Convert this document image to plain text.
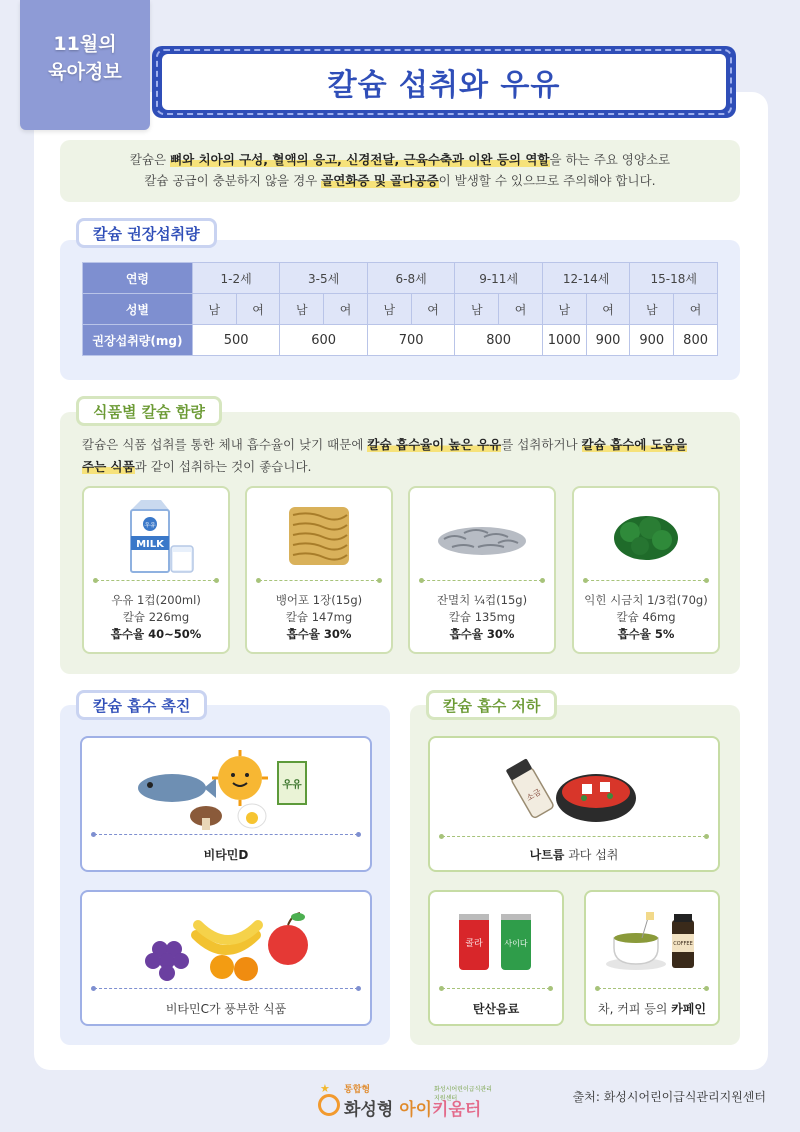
11월의
육아정보	칼슘 섭취와 우유
칼슘은 뼈와 치아의 구성, 혈액의 응고, 신경전달, 근육수축과 이완 등의 역할을 하는 주요 영양소로
칼슘 공급이 충분하지 않을 경우 골연화증 및 골다공증이 발생할 수 있으므로 주의해야 합니다.
칼슘 권장섭취량
연령	1-2세		3-5세		6-8세		9-11세		12-14세		15-18세	
성별	남	여	남	여	남	여	남	여	남	여	남	여
권장섭취량(mg)	500		600		700		800		1000	900	900	800
식품별 칼슘 함량
칼슘은 식품 섭취를 통한 체내 흡수율이 낮기 때문에 칼슘 흡수율이 높은 우유를 섭취하거나 칼슘 흡수에 도움을
주는 식품과 같이 섭취하는 것이 좋습니다.
MILK
우유
우유 1컵(200ml)
칼슘 226mg
흡수율 40~50%
뱅어포 1장(15g)
칼슘 147mg
흡수율 30%
잔멸치 ¼컵(15g)
칼슘 135mg
흡수율 30%
익힌 시금치 1/3컵(70g)
칼슘 46mg
흡수율 5%
칼슘 흡수 촉진
우유
비타민D
비타민C가 풍부한 식품
칼슘 흡수 저하
소금
나트륨 과다 섭취
콜라	사이다
탄산음료
COFFEE
차, 커피 등의 카페인
★ 통합형	화성시어린이급식관리지원센터
화성형 아이키움터
출처: 화성시어린이급식관리지원센터
